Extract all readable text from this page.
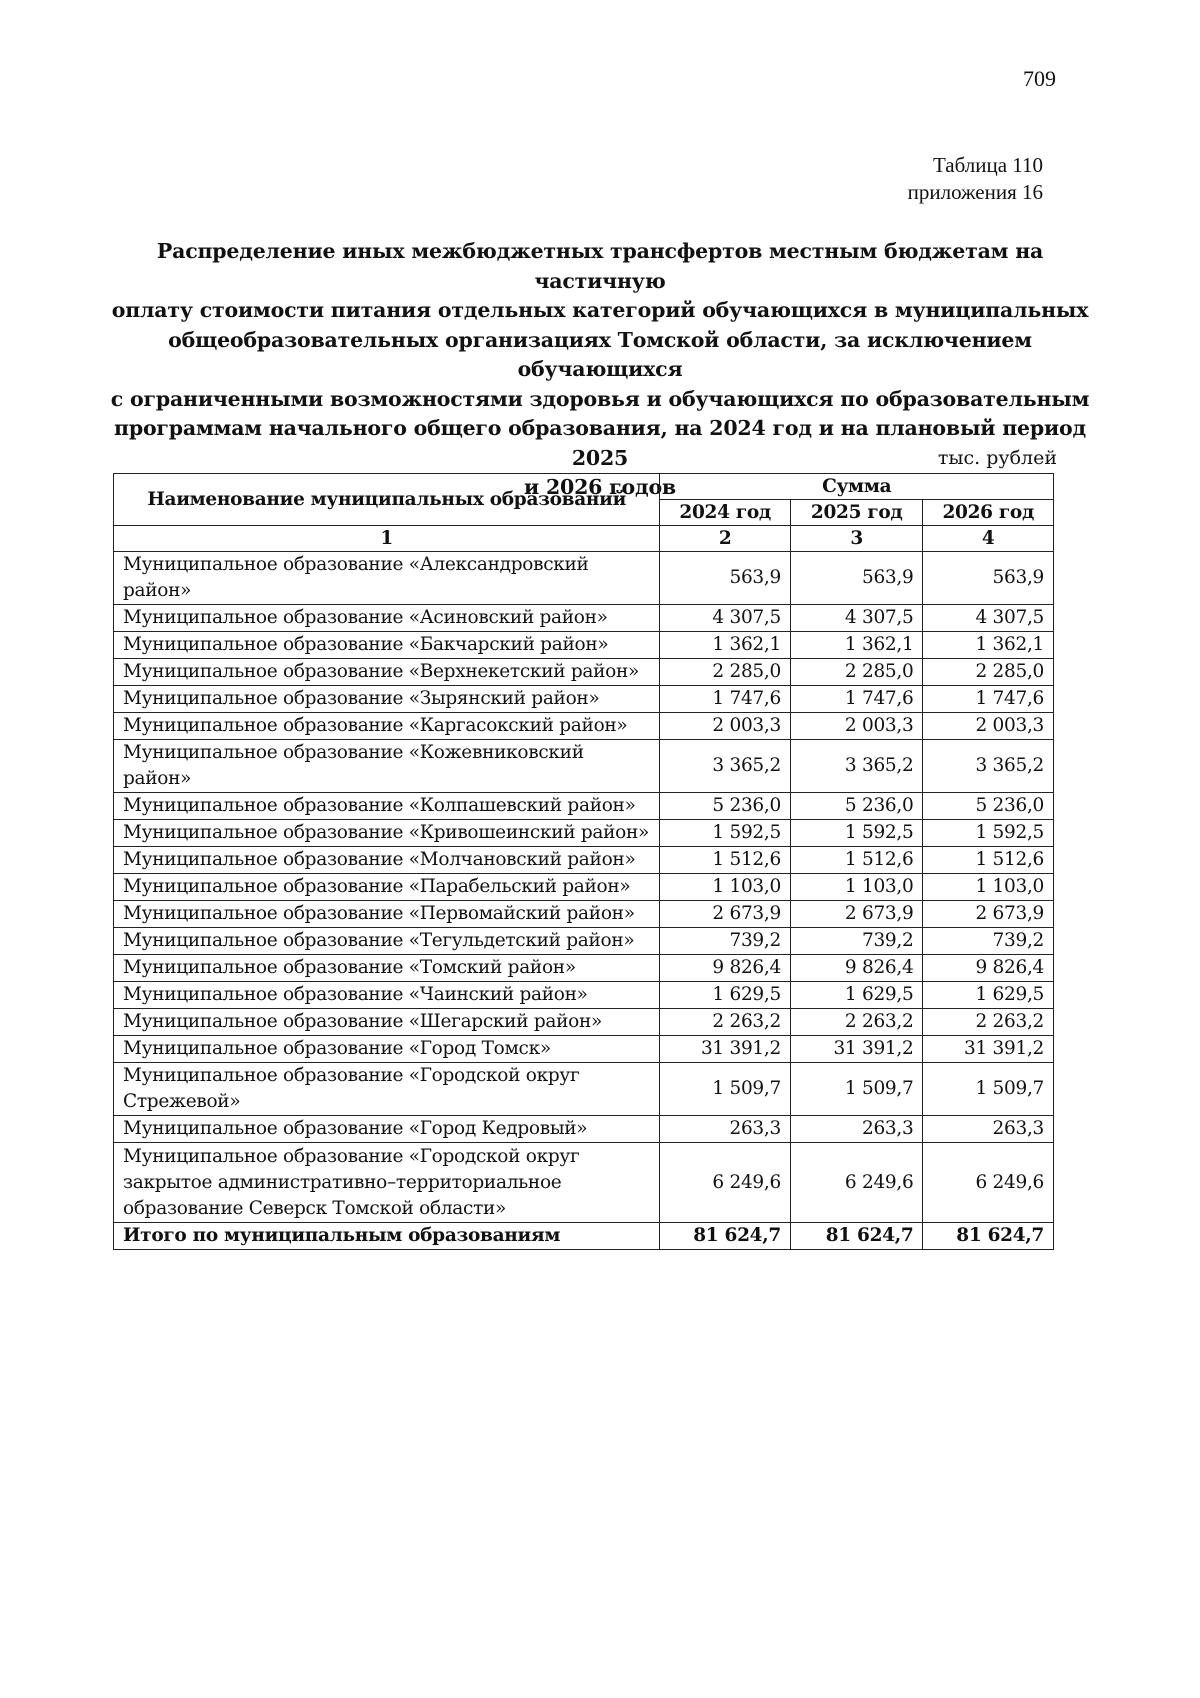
709
Таблица 110
приложения 16
Распределение иных межбюджетных трансфертов местным бюджетам на частичную
оплату стоимости питания отдельных категорий обучающихся в муниципальных
общеобразовательных организациях Томской области, за исключением обучающихся
с ограниченными возможностями здоровья и обучающихся по образовательным
программам начального общего образования, на 2024 год и на плановый период 2025
и 2026 годов
тыс. рублей
Наименование муниципальных образований	Сумма		
	2024 год	2025 год	2026 год
1	2	3	4
Муниципальное образование «Александровский район»	563,9	563,9	563,9
Муниципальное образование «Асиновский район»	4 307,5	4 307,5	4 307,5
Муниципальное образование «Бакчарский район»	1 362,1	1 362,1	1 362,1
Муниципальное образование «Верхнекетский район»	2 285,0	2 285,0	2 285,0
Муниципальное образование «Зырянский район»	1 747,6	1 747,6	1 747,6
Муниципальное образование «Каргасокский район»	2 003,3	2 003,3	2 003,3
Муниципальное образование «Кожевниковский район»	3 365,2	3 365,2	3 365,2
Муниципальное образование «Колпашевский район»	5 236,0	5 236,0	5 236,0
Муниципальное образование «Кривошеинский район»	1 592,5	1 592,5	1 592,5
Муниципальное образование «Молчановский район»	1 512,6	1 512,6	1 512,6
Муниципальное образование «Парабельский район»	1 103,0	1 103,0	1 103,0
Муниципальное образование «Первомайский район»	2 673,9	2 673,9	2 673,9
Муниципальное образование «Тегульдетский район»	739,2	739,2	739,2
Муниципальное образование «Томский район»	9 826,4	9 826,4	9 826,4
Муниципальное образование «Чаинский район»	1 629,5	1 629,5	1 629,5
Муниципальное образование «Шегарский район»	2 263,2	2 263,2	2 263,2
Муниципальное образование «Город Томск»	31 391,2	31 391,2	31 391,2
Муниципальное образование «Городской округ Стрежевой»	1 509,7	1 509,7	1 509,7
Муниципальное образование «Город Кедровый»	263,3	263,3	263,3
Муниципальное образование «Городской округ закрытое административно–территориальное образование Северск Томской области»	6 249,6	6 249,6	6 249,6
Итого по муниципальным образованиям	81 624,7	81 624,7	81 624,7
